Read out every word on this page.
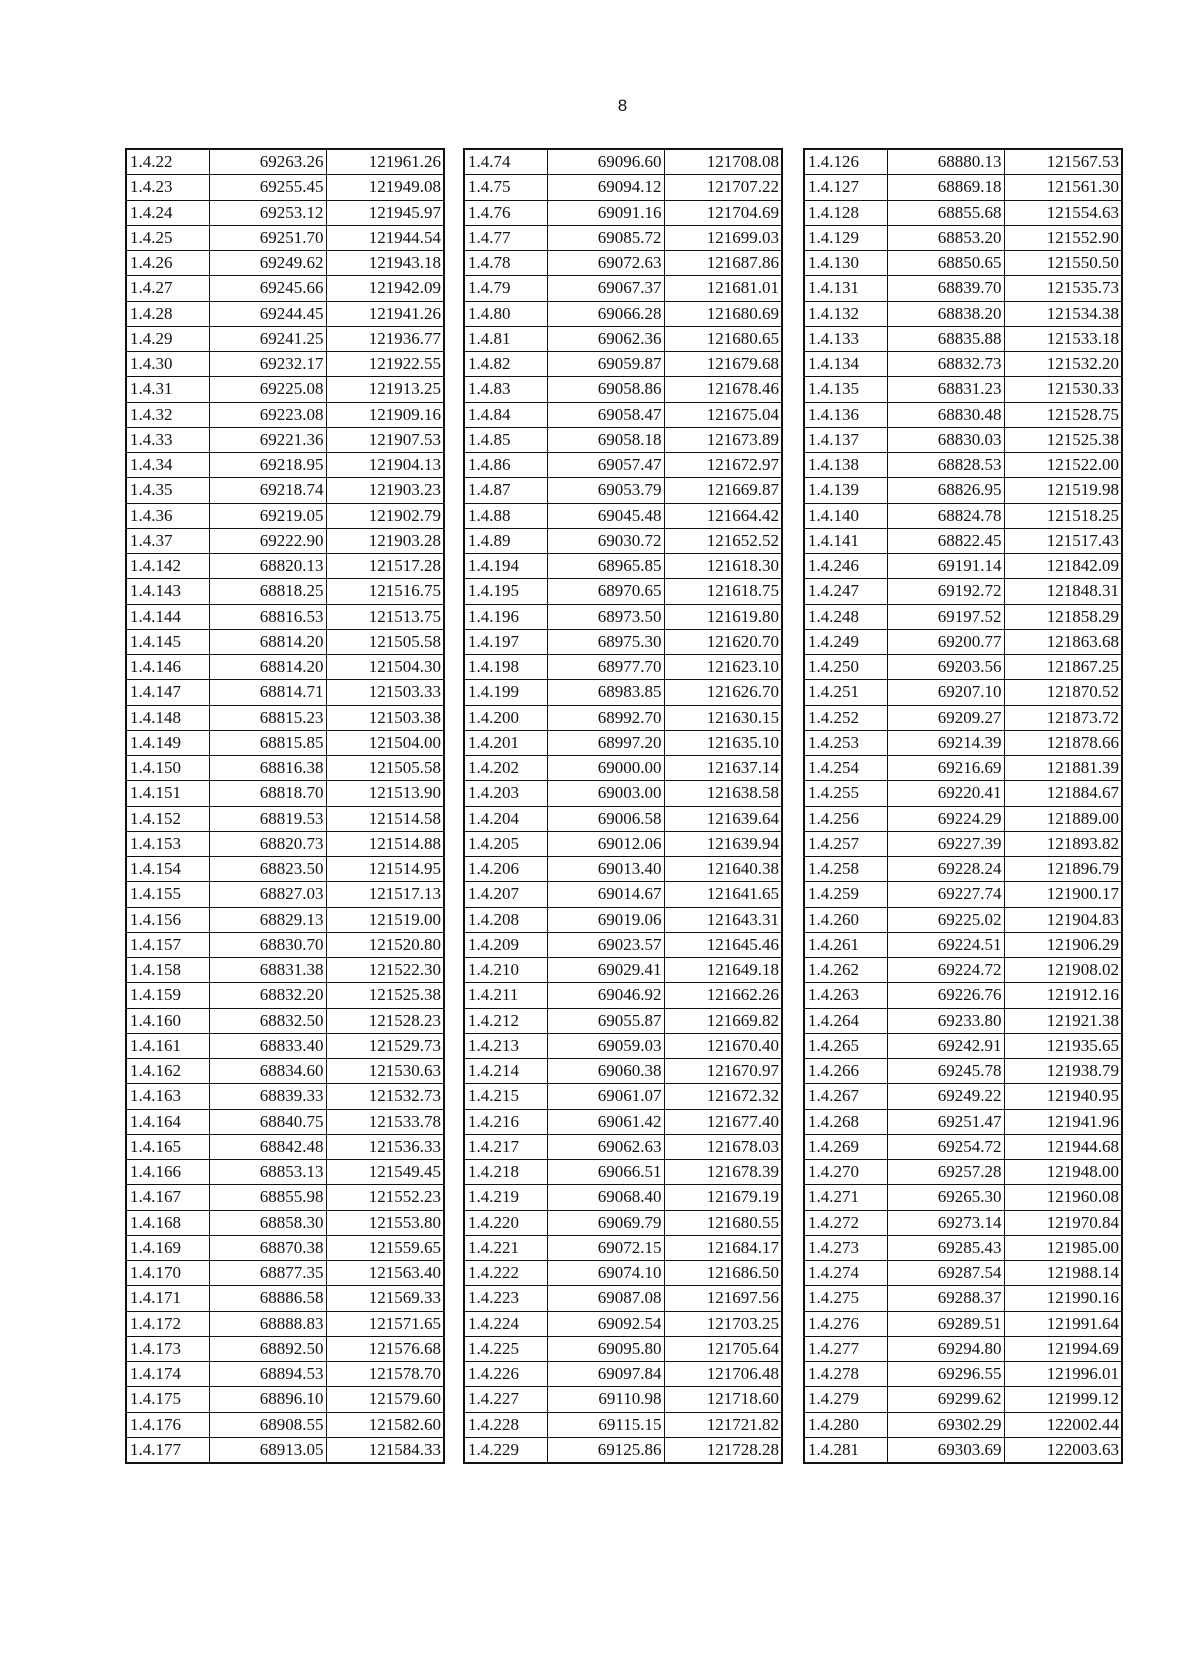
8
1.4.22	69263.26	121961.26
1.4.23	69255.45	121949.08
1.4.24	69253.12	121945.97
1.4.25	69251.70	121944.54
1.4.26	69249.62	121943.18
1.4.27	69245.66	121942.09
1.4.28	69244.45	121941.26
1.4.29	69241.25	121936.77
1.4.30	69232.17	121922.55
1.4.31	69225.08	121913.25
1.4.32	69223.08	121909.16
1.4.33	69221.36	121907.53
1.4.34	69218.95	121904.13
1.4.35	69218.74	121903.23
1.4.36	69219.05	121902.79
1.4.37	69222.90	121903.28
1.4.142	68820.13	121517.28
1.4.143	68818.25	121516.75
1.4.144	68816.53	121513.75
1.4.145	68814.20	121505.58
1.4.146	68814.20	121504.30
1.4.147	68814.71	121503.33
1.4.148	68815.23	121503.38
1.4.149	68815.85	121504.00
1.4.150	68816.38	121505.58
1.4.151	68818.70	121513.90
1.4.152	68819.53	121514.58
1.4.153	68820.73	121514.88
1.4.154	68823.50	121514.95
1.4.155	68827.03	121517.13
1.4.156	68829.13	121519.00
1.4.157	68830.70	121520.80
1.4.158	68831.38	121522.30
1.4.159	68832.20	121525.38
1.4.160	68832.50	121528.23
1.4.161	68833.40	121529.73
1.4.162	68834.60	121530.63
1.4.163	68839.33	121532.73
1.4.164	68840.75	121533.78
1.4.165	68842.48	121536.33
1.4.166	68853.13	121549.45
1.4.167	68855.98	121552.23
1.4.168	68858.30	121553.80
1.4.169	68870.38	121559.65
1.4.170	68877.35	121563.40
1.4.171	68886.58	121569.33
1.4.172	68888.83	121571.65
1.4.173	68892.50	121576.68
1.4.174	68894.53	121578.70
1.4.175	68896.10	121579.60
1.4.176	68908.55	121582.60
1.4.177	68913.05	121584.33
1.4.74	69096.60	121708.08
1.4.75	69094.12	121707.22
1.4.76	69091.16	121704.69
1.4.77	69085.72	121699.03
1.4.78	69072.63	121687.86
1.4.79	69067.37	121681.01
1.4.80	69066.28	121680.69
1.4.81	69062.36	121680.65
1.4.82	69059.87	121679.68
1.4.83	69058.86	121678.46
1.4.84	69058.47	121675.04
1.4.85	69058.18	121673.89
1.4.86	69057.47	121672.97
1.4.87	69053.79	121669.87
1.4.88	69045.48	121664.42
1.4.89	69030.72	121652.52
1.4.194	68965.85	121618.30
1.4.195	68970.65	121618.75
1.4.196	68973.50	121619.80
1.4.197	68975.30	121620.70
1.4.198	68977.70	121623.10
1.4.199	68983.85	121626.70
1.4.200	68992.70	121630.15
1.4.201	68997.20	121635.10
1.4.202	69000.00	121637.14
1.4.203	69003.00	121638.58
1.4.204	69006.58	121639.64
1.4.205	69012.06	121639.94
1.4.206	69013.40	121640.38
1.4.207	69014.67	121641.65
1.4.208	69019.06	121643.31
1.4.209	69023.57	121645.46
1.4.210	69029.41	121649.18
1.4.211	69046.92	121662.26
1.4.212	69055.87	121669.82
1.4.213	69059.03	121670.40
1.4.214	69060.38	121670.97
1.4.215	69061.07	121672.32
1.4.216	69061.42	121677.40
1.4.217	69062.63	121678.03
1.4.218	69066.51	121678.39
1.4.219	69068.40	121679.19
1.4.220	69069.79	121680.55
1.4.221	69072.15	121684.17
1.4.222	69074.10	121686.50
1.4.223	69087.08	121697.56
1.4.224	69092.54	121703.25
1.4.225	69095.80	121705.64
1.4.226	69097.84	121706.48
1.4.227	69110.98	121718.60
1.4.228	69115.15	121721.82
1.4.229	69125.86	121728.28
1.4.126	68880.13	121567.53
1.4.127	68869.18	121561.30
1.4.128	68855.68	121554.63
1.4.129	68853.20	121552.90
1.4.130	68850.65	121550.50
1.4.131	68839.70	121535.73
1.4.132	68838.20	121534.38
1.4.133	68835.88	121533.18
1.4.134	68832.73	121532.20
1.4.135	68831.23	121530.33
1.4.136	68830.48	121528.75
1.4.137	68830.03	121525.38
1.4.138	68828.53	121522.00
1.4.139	68826.95	121519.98
1.4.140	68824.78	121518.25
1.4.141	68822.45	121517.43
1.4.246	69191.14	121842.09
1.4.247	69192.72	121848.31
1.4.248	69197.52	121858.29
1.4.249	69200.77	121863.68
1.4.250	69203.56	121867.25
1.4.251	69207.10	121870.52
1.4.252	69209.27	121873.72
1.4.253	69214.39	121878.66
1.4.254	69216.69	121881.39
1.4.255	69220.41	121884.67
1.4.256	69224.29	121889.00
1.4.257	69227.39	121893.82
1.4.258	69228.24	121896.79
1.4.259	69227.74	121900.17
1.4.260	69225.02	121904.83
1.4.261	69224.51	121906.29
1.4.262	69224.72	121908.02
1.4.263	69226.76	121912.16
1.4.264	69233.80	121921.38
1.4.265	69242.91	121935.65
1.4.266	69245.78	121938.79
1.4.267	69249.22	121940.95
1.4.268	69251.47	121941.96
1.4.269	69254.72	121944.68
1.4.270	69257.28	121948.00
1.4.271	69265.30	121960.08
1.4.272	69273.14	121970.84
1.4.273	69285.43	121985.00
1.4.274	69287.54	121988.14
1.4.275	69288.37	121990.16
1.4.276	69289.51	121991.64
1.4.277	69294.80	121994.69
1.4.278	69296.55	121996.01
1.4.279	69299.62	121999.12
1.4.280	69302.29	122002.44
1.4.281	69303.69	122003.63
